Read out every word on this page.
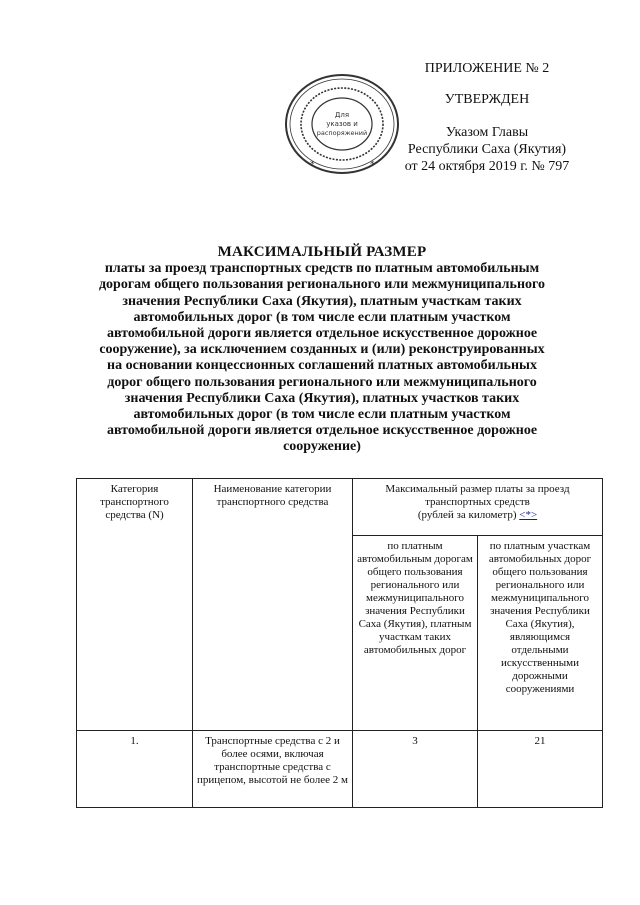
ПРИЛОЖЕНИЕ № 2
УТВЕРЖДЕН
Указом Главы
Республики Саха (Якутия)
от 24 октября 2019 г. № 797
Для
указов и
распоряжений
*	*
МАКСИМАЛЬНЫЙ РАЗМЕР
платы за проезд транспортных средств по платным автомобильным дорогам общего пользования регионального или межмуниципального значения Республики Саха (Якутия), платным участкам таких автомобильных дорог (в том числе если платным участком автомобильной дороги является отдельное искусственное дорожное сооружение), за исключением созданных и (или) реконструированных на основании концессионных соглашений платных автомобильных дорог общего пользования регионального или межмуниципального значения Республики Саха (Якутия), платных участков таких автомобильных дорог (в том числе если платным участком автомобильной дороги является отдельное искусственное дорожное сооружение)
Категория транспортного средства (N)	Наименование категории транспортного средства	Максимальный размер платы за проезд транспортных средств
(рублей за километр) <*>	
		по платным автомобильным дорогам общего пользования регионального или межмуниципального значения Республики Саха (Якутия), платным участкам таких автомобильных дорог	по платным участкам автомобильных дорог общего пользования регионального или межмуниципального значения Республики Саха (Якутия), являющимся отдельными искусственными дорожными сооружениями
1.	Транспортные средства с 2 и более осями, включая транспортные средства с прицепом, высотой не более 2 м	3	21
